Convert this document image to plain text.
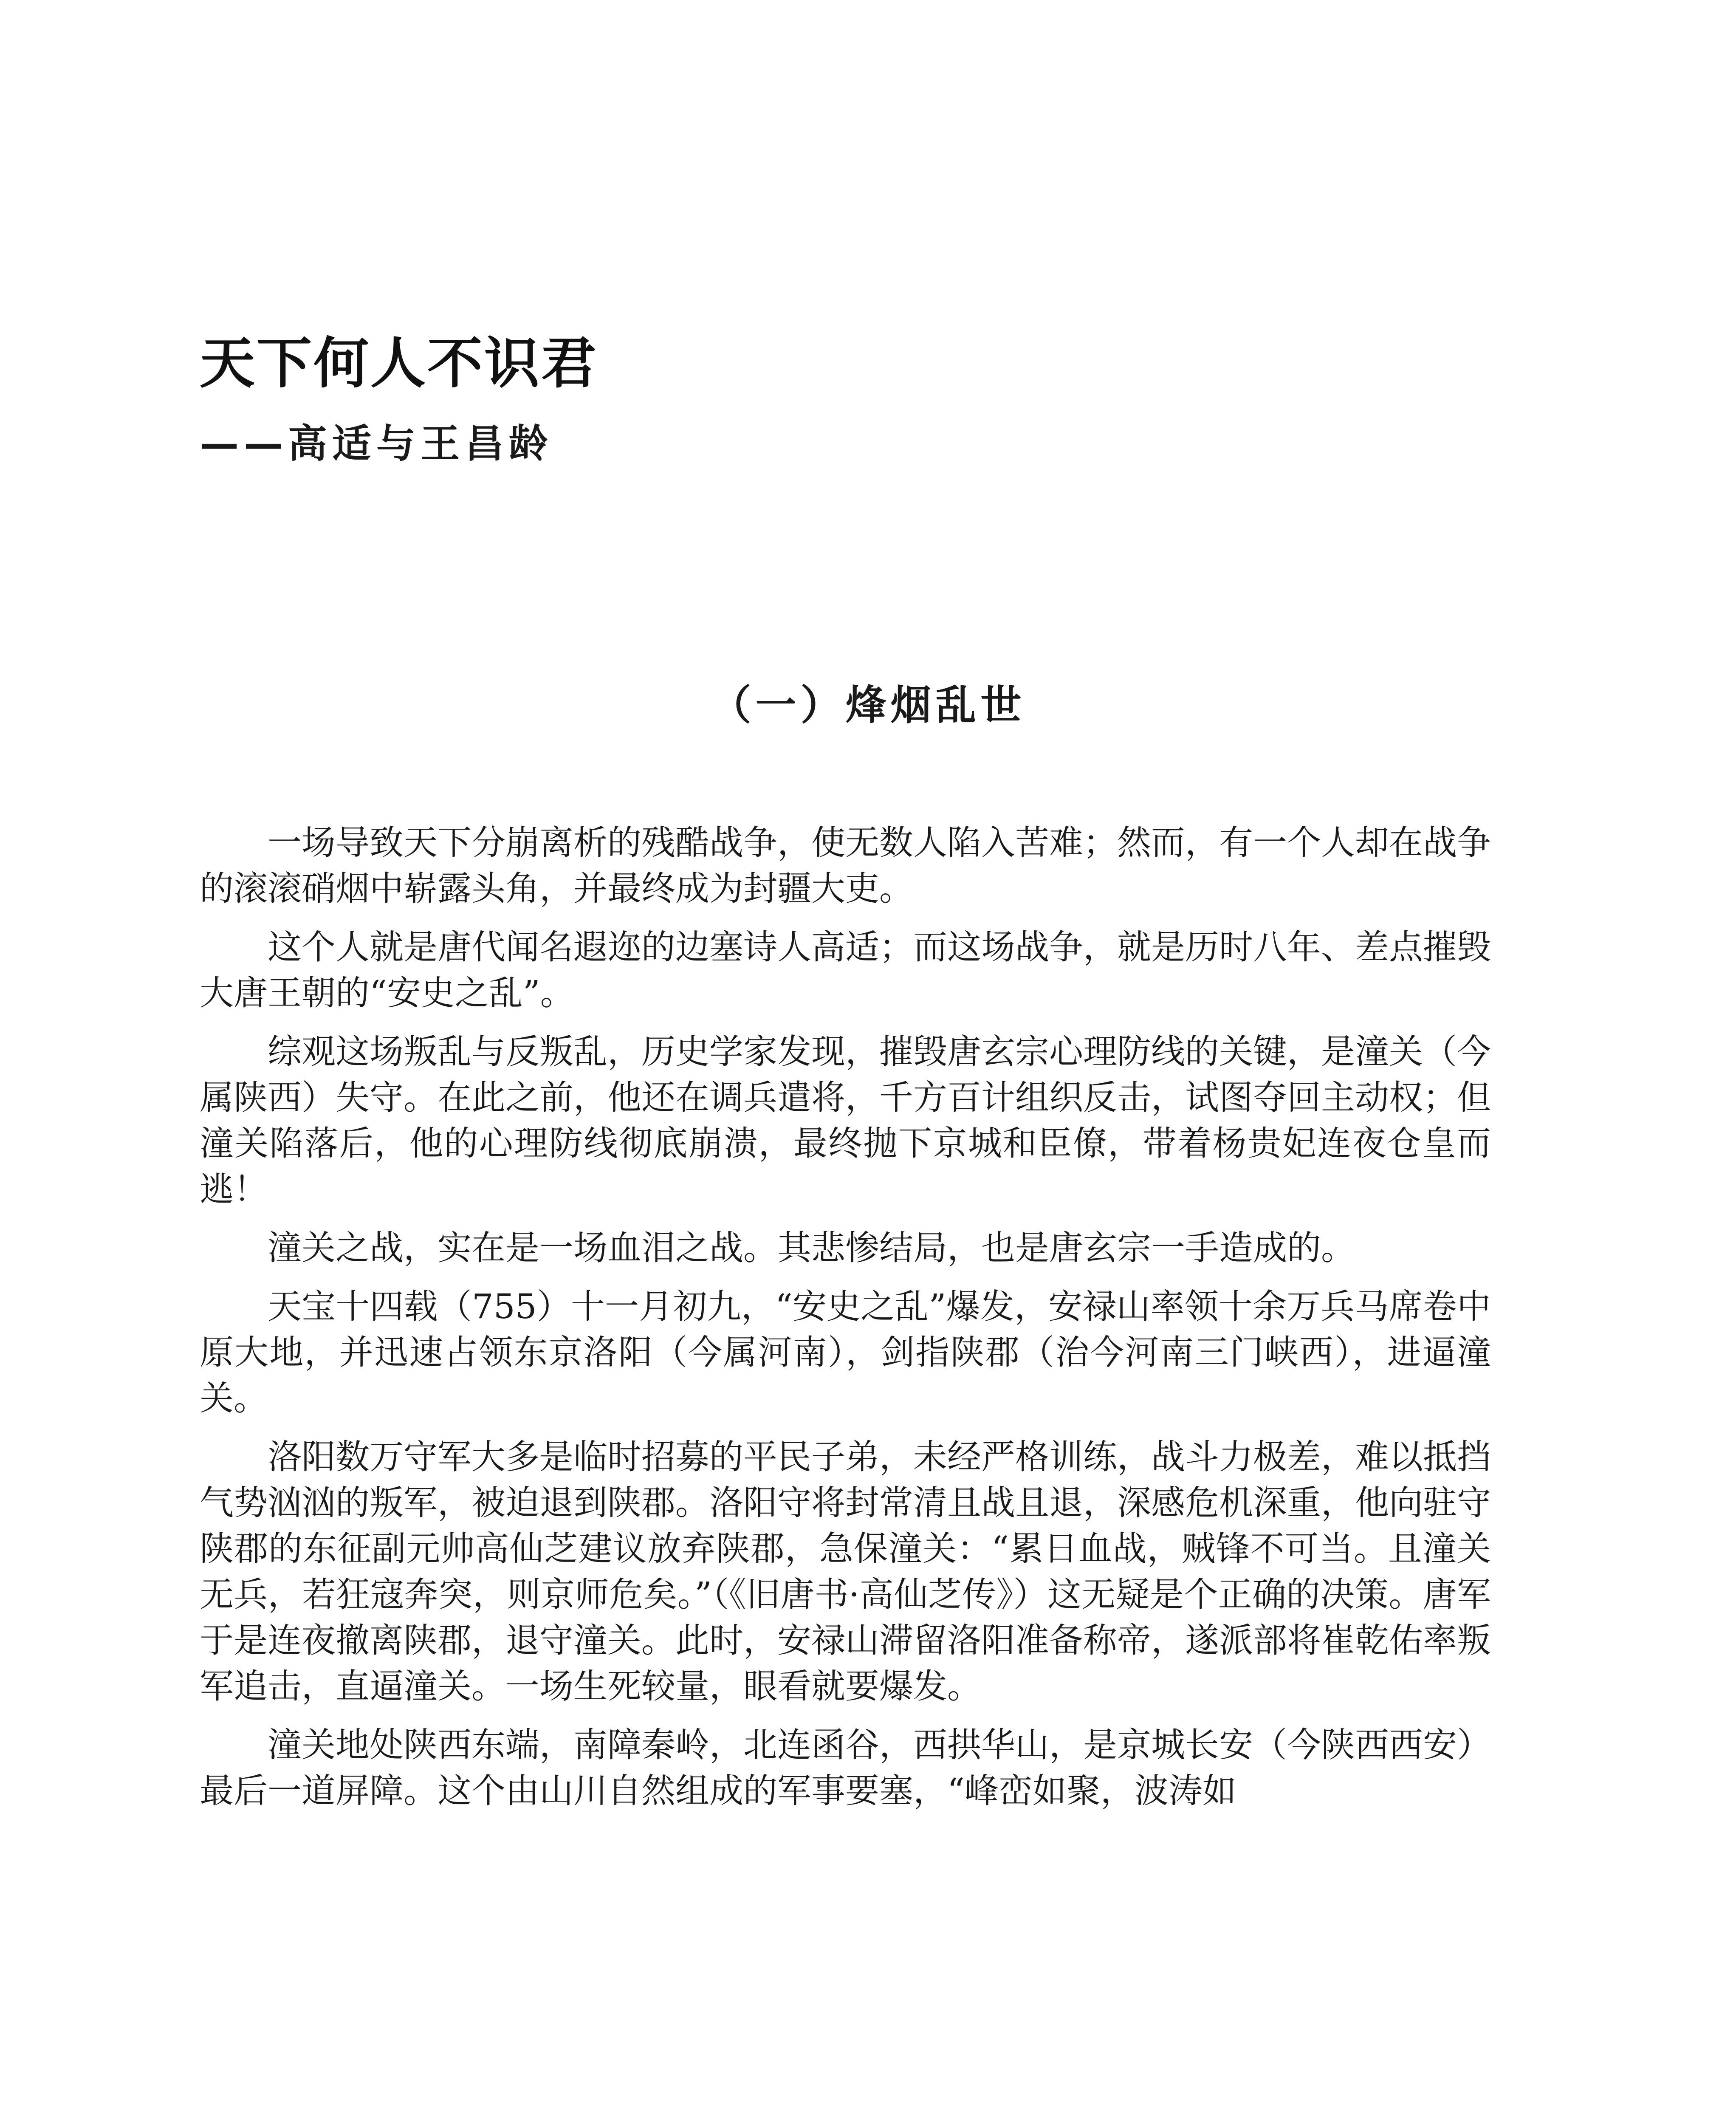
天下何人不识君
——高适与王昌龄
（一）烽烟乱世

一场导致天下分崩离析的残酷战争，使无数人陷入苦难；然而，有一个人却在战争的滚滚硝烟中崭露头角，并最终成为封疆大吏。

这个人就是唐代闻名遐迩的边塞诗人高适；而这场战争，就是历时八年、差点摧毁大唐王朝的“安史之乱”。

综观这场叛乱与反叛乱，历史学家发现，摧毁唐玄宗心理防线的关键，是潼关（今属陕西）失守。在此之前，他还在调兵遣将，千方百计组织反击，试图夺回主动权；但潼关陷落后，他的心理防线彻底崩溃，最终抛下京城和臣僚，带着杨贵妃连夜仓皇而逃！

潼关之战，实在是一场血泪之战。其悲惨结局，也是唐玄宗一手造成的。

天宝十四载（755）十一月初九，“安史之乱”爆发，安禄山率领十余万兵马席卷中原大地，并迅速占领东京洛阳（今属河南），剑指陕郡（治今河南三门峡西），进逼潼关。

洛阳数万守军大多是临时招募的平民子弟，未经严格训练，战斗力极差，难以抵挡气势汹汹的叛军，被迫退到陕郡。洛阳守将封常清且战且退，深感危机深重，他向驻守陕郡的东征副元帅高仙芝建议放弃陕郡，急保潼关：“累日血战，贼锋不可当。且潼关无兵，若狂寇奔突，则京师危矣。”（《旧唐书·高仙芝传》）这无疑是个正确的决策。唐军于是连夜撤离陕郡，退守潼关。此时，安禄山滞留洛阳准备称帝，遂派部将崔乾佑率叛军追击，直逼潼关。一场生死较量，眼看就要爆发。

潼关地处陕西东端，南障秦岭，北连函谷，西拱华山，是京城长安（今陕西西安）最后一道屏障。这个由山川自然组成的军事要塞，“峰峦如聚，波涛如
